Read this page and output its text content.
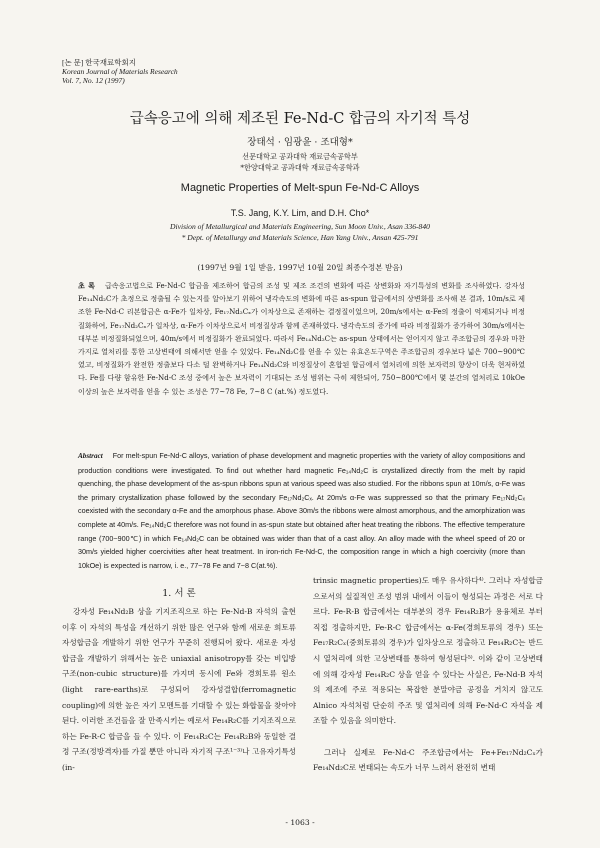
[논 문] 한국재료학회지
Korean Journal of Materials Research
Vol. 7, No. 12 (1997)
급속응고에 의해 제조된 Fe-Nd-C 합금의 자기적 특성
장태석 · 임광윤 · 조대형*
선문대학교 공과대학 재료금속공학부
*한양대학교 공과대학 재료금속공학과
Magnetic Properties of Melt-spun Fe-Nd-C Alloys
T.S. Jang, K.Y. Lim, and D.H. Cho*
Division of Metallurgical and Materials Engineering, Sun Moon Univ., Asan 336-840
* Dept. of Metallurgy and Materials Science, Han Yang Univ., Ansan 425-791
(1997년 9월 1일 받음, 1997년 10월 20일 최종수정본 받음)
초 록 급속응고법으로 Fe-Nd-C 합금을 제조하여 합금의 조성 및 제조 조건의 변화에 따른 상변화와 자기특성의 변화를 조사하였다. 강자성 Fe₁₄Nd₂C가 초정으로 정출될 수 있는지를 알아보기 위하여 냉각속도의 변화에 따른 as-spun 합금에서의 상변화를 조사해 본 결과, 10m/s로 제조한 Fe-Nd-C 리본합금은 α-Fe가 일차상, Fe₁₇Nd₂Cₓ가 이차상으로 존재하는 결정질이었으며, 20m/s에서는 α-Fe의 정출이 억제되거나 비정질화하여, Fe₁₇Nd₂Cₓ가 일차상, α-Fe가 이차상으로서 비정질상과 함께 존재하였다. 냉각속도의 증가에 따라 비정질화가 증가하여 30m/s에서는 대부분 비정질화되었으며, 40m/s에서 비정질화가 완료되었다. 따라서 Fe₁₄Nd₂C는 as-spun 상태에서는 얻어지지 않고 주조합금의 경우와 마찬가지로 열처리를 통한 고상변태에 의해서만 얻을 수 있었다. Fe₁₄Nd₂C를 얻을 수 있는 유효온도구역은 주조합금의 경우보다 넓은 700~900℃였고, 비정질화가 완전한 정출보다 다소 덜 완벽하거나 Fe₁₄Nd₂C와 비정질상이 혼합된 합금에서 열처리에 의한 보자력의 향상이 더욱 현저하였다. Fe를 다량 함유한 Fe-Nd-C 조성 중에서 높은 보자력이 기대되는 조성 범위는 극히 제한되어, 750~800℃에서 몇 분간의 열처리로 10kOe 이상의 높은 보자력을 얻을 수 있는 조성은 77~78 Fe, 7~8 C (at.%) 정도였다.
Abstract For melt-spun Fe-Nd-C alloys, variation of phase development and magnetic properties with the variety of alloy compositions and production conditions were investigated. To find out whether hard magnetic Fe₁₄Nd₂C is crystallized directly from the melt by rapid quenching, the phase development of the as-spun ribbons spun at various speed was also studied. For the ribbons spun at 10m/s, α-Fe was the primary crystallization phase followed by the secondary Fe₁₇Nd₂Cₓ. At 20m/s α-Fe was suppressed so that the primary Fe₁₇Nd₂Cₓ coexisted with the secondary α-Fe and the amorphous phase. Above 30m/s the ribbons were almost amorphous, and the amorphization was complete at 40m/s. Fe₁₄Nd₂C therefore was not found in as-spun state but obtained after heat treating the ribbons. The effective temperature range (700~900℃) in which Fe₁₄Nd₂C can be obtained was wider than that of a cast alloy. An alloy made with the wheel speed of 20 or 30m/s yielded higher coercivities after heat treatment. In iron-rich Fe-Nd-C, the composition range in which a high coercivity (more than 10kOe) is expected is narrow, i. e., 77~78 Fe and 7~8 C(at.%).
1. 서 론

강자성 Fe₁₄Nd₂B 상을 기지조직으로 하는 Fe-Nd-B 자석의 출현 이후 이 자석의 특성을 개선하기 위한 많은 연구와 함께 새로운 희토류 자성합금을 개발하기 위한 연구가 꾸준히 진행되어 왔다. 새로운 자성합금을 개발하기 위해서는 높은 uniaxial anisotropy를 갖는 비입방구조(non-cubic structure)를 가지며 동시에 Fe와 경희토류 원소(light rare-earths)로 구성되어 강자성결합(ferromagnetic coupling)에 의한 높은 자기 모멘트를 기대할 수 있는 화합물을 찾아야 된다. 이러한 조건들을 잘 만족시키는 예로서 Fe₁₄R₂C를 기지조직으로 하는 Fe-R-C 합금을 들 수 있다. 이 Fe₁₄R₂C는 Fe₁₄R₂B와 동일한 결정 구조(정방격자)를 가질 뿐만 아니라 자기적 구조¹⁻³⁾나 고유자기특성(in-

trinsic magnetic properties)도 매우 유사하다⁴⁾. 그러나 자성합금으로서의 실질적인 조성 범위 내에서 이들이 형성되는 과정은 서로 다르다. Fe-R-B 합금에서는 대부분의 경우 Fe₁₄R₂B가 용융체로 부터 직접 정출하지만, Fe-R-C 합금에서는 α-Fe(경희토류의 경우) 또는 Fe₁₇R₂Cₓ(중희토류의 경우)가 일차상으로 정출하고 Fe₁₄R₂C는 반드시 열처리에 의한 고상변태를 통하여 형성된다⁵⁾. 이와 같이 고상변태에 의해 강자성 Fe₁₄R₂C 상을 얻을 수 있다는 사실은, Fe-Nd-B 자석의 제조에 주로 적용되는 복잡한 분말야금 공정을 거치지 않고도 Alnico 자석처럼 단순히 주조 및 열처리에 의해 Fe-Nd-C 자석을 제조할 수 있음을 의미한다.

그러나 실제로 Fe-Nd-C 주조합금에서는 Fe+Fe₁₇Nd₂Cₓ가 Fe₁₄Nd₂C로 변태되는 속도가 너무 느려서 완전히 변태

- 1063 -
